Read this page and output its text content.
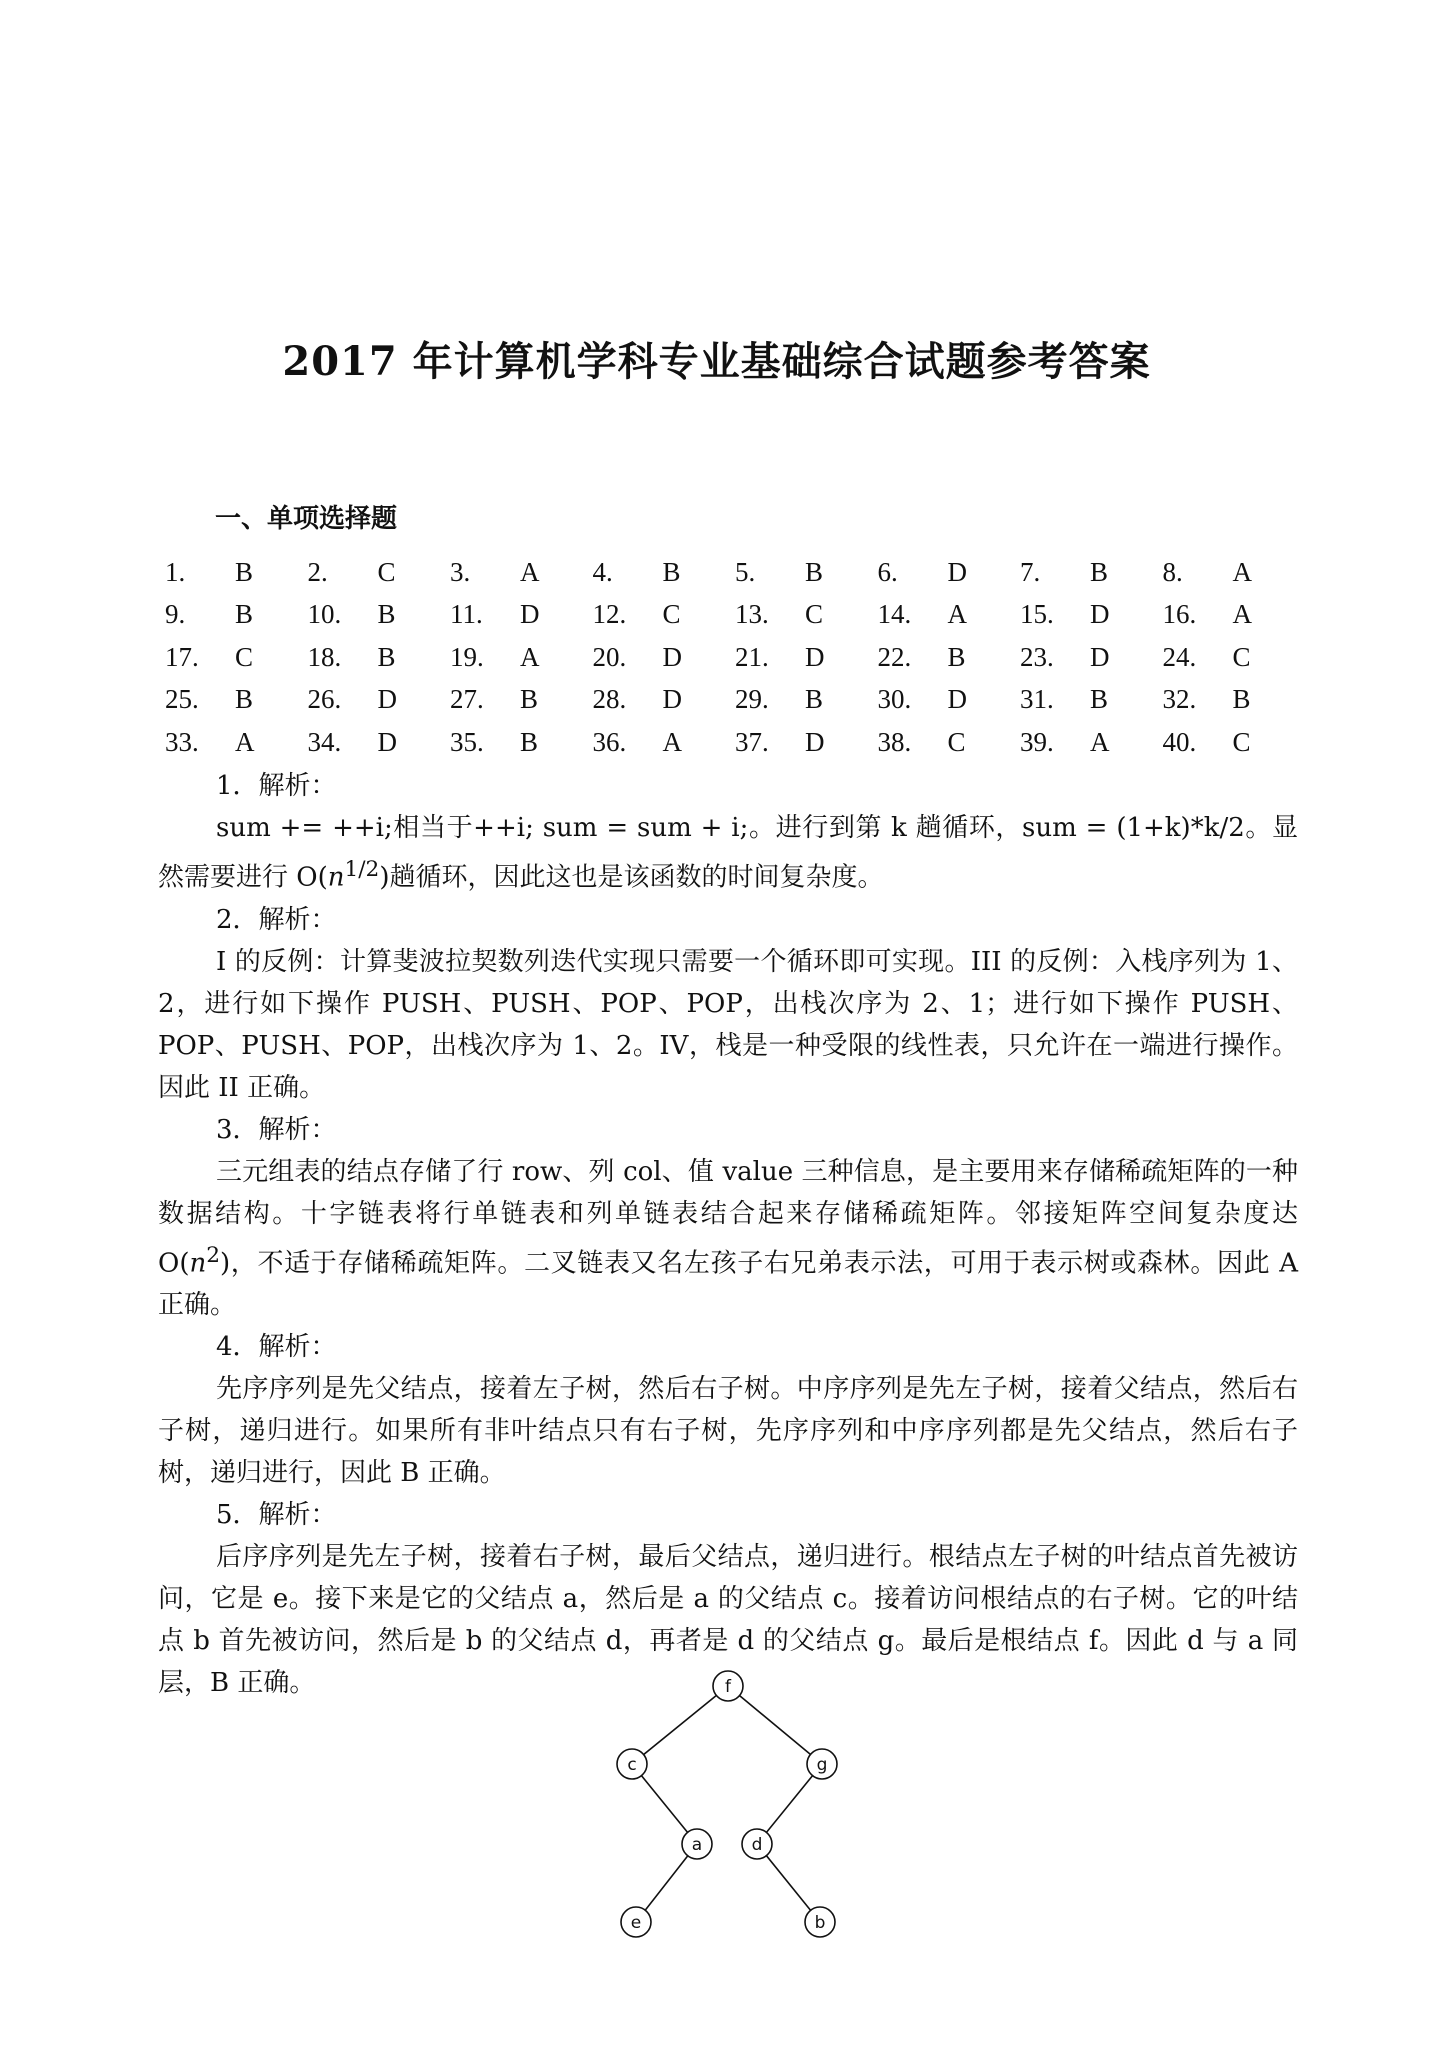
2017 年计算机学科专业基础综合试题参考答案
一、单项选择题
1.	B	2.	C	3.	A	4.	B	5.	B	6.	D	7.	B	8.	A
9.	B	10.	B	11.	D	12.	C	13.	C	14.	A	15.	D	16.	A
17.	C	18.	B	19.	A	20.	D	21.	D	22.	B	23.	D	24.	C
25.	B	26.	D	27.	B	28.	D	29.	B	30.	D	31.	B	32.	B
33.	A	34.	D	35.	B	36.	A	37.	D	38.	C	39.	A	40.	C
1．解析：
sum += ++i;相当于++i; sum = sum + i;。进行到第 k 趟循环，sum = (1+k)*k/2。显然需要进行 $O(n^{1/2})$趟循环，因此这也是该函数的时间复杂度。
2．解析：
I 的反例：计算斐波拉契数列迭代实现只需要一个循环即可实现。III 的反例：入栈序列为 1、2，进行如下操作 PUSH、PUSH、POP、POP，出栈次序为 2、1；进行如下操作 PUSH、POP、PUSH、POP，出栈次序为 1、2。IV，栈是一种受限的线性表，只允许在一端进行操作。因此 II 正确。
3．解析：
三元组表的结点存储了行 row、列 col、值 value 三种信息，是主要用来存储稀疏矩阵的一种数据结构。十字链表将行单链表和列单链表结合起来存储稀疏矩阵。邻接矩阵空间复杂度达 $O(n^2)$，不适于存储稀疏矩阵。二叉链表又名左孩子右兄弟表示法，可用于表示树或森林。因此 A 正确。
4．解析：
先序序列是先父结点，接着左子树，然后右子树。中序序列是先左子树，接着父结点，然后右子树，递归进行。如果所有非叶结点只有右子树，先序序列和中序序列都是先父结点，然后右子树，递归进行，因此 B 正确。
5．解析：
后序序列是先左子树，接着右子树，最后父结点，递归进行。根结点左子树的叶结点首先被访问，它是 e。接下来是它的父结点 a，然后是 a 的父结点 c。接着访问根结点的右子树。它的叶结点 b 首先被访问，然后是 b 的父结点 d，再者是 d 的父结点 g。最后是根结点 f。因此 d 与 a 同层，B 正确。	f
c	g
a	d
e	b
